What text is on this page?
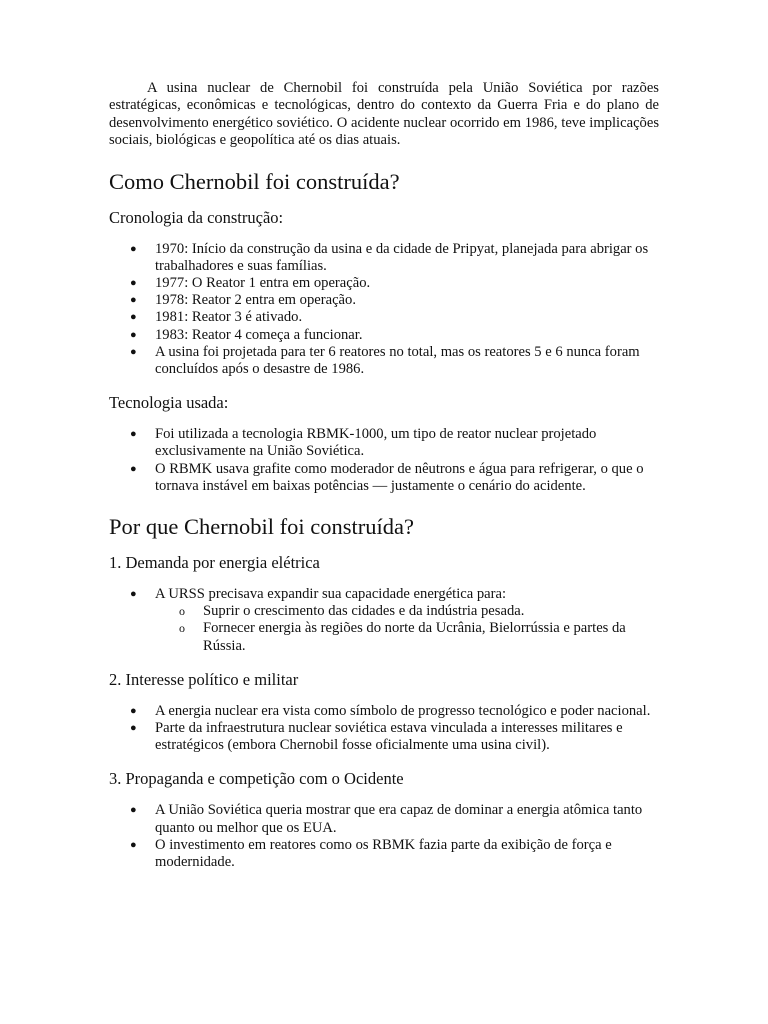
A usina nuclear de Chernobil foi construída pela União Soviética por razões estratégicas, econômicas e tecnológicas, dentro do contexto da Guerra Fria e do plano de desenvolvimento energético soviético. O acidente nuclear ocorrido em 1986, teve implicações sociais, biológicas e geopolítica até os dias atuais.

Como Chernobil foi construída?
Cronologia da construção:
● 1970: Início da construção da usina e da cidade de Pripyat, planejada para abrigar os trabalhadores e suas famílias.
● 1977: O Reator 1 entra em operação.
● 1978: Reator 2 entra em operação.
● 1981: Reator 3 é ativado.
● 1983: Reator 4 começa a funcionar.
● A usina foi projetada para ter 6 reatores no total, mas os reatores 5 e 6 nunca foram concluídos após o desastre de 1986.
Tecnologia usada:
● Foi utilizada a tecnologia RBMK-1000, um tipo de reator nuclear projetado exclusivamente na União Soviética.
● O RBMK usava grafite como moderador de nêutrons e água para refrigerar, o que o tornava instável em baixas potências — justamente o cenário do acidente.
Por que Chernobil foi construída?
1. Demanda por energia elétrica
● A URSS precisava expandir sua capacidade energética para:
o Suprir o crescimento das cidades e da indústria pesada.
o Fornecer energia às regiões do norte da Ucrânia, Bielorrússia e partes da Rússia.
2. Interesse político e militar
● A energia nuclear era vista como símbolo de progresso tecnológico e poder nacional.
● Parte da infraestrutura nuclear soviética estava vinculada a interesses militares e estratégicos (embora Chernobil fosse oficialmente uma usina civil).
3. Propaganda e competição com o Ocidente
● A União Soviética queria mostrar que era capaz de dominar a energia atômica tanto quanto ou melhor que os EUA.
● O investimento em reatores como os RBMK fazia parte da exibição de força e modernidade.
